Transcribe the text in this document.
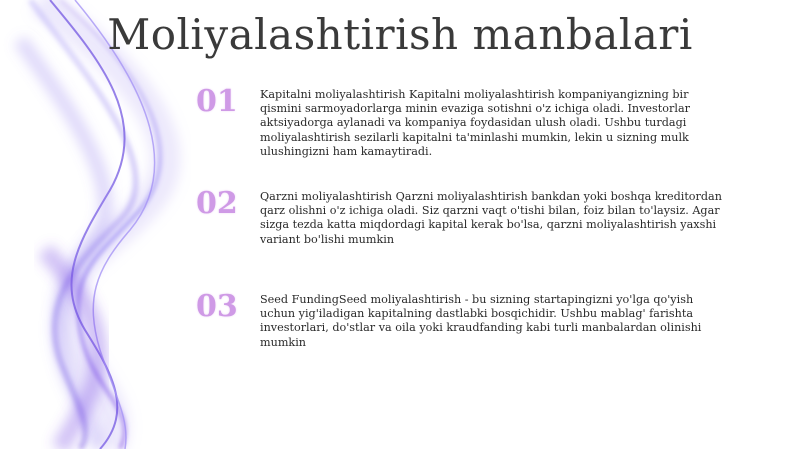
Moliyalashtirish manbalari
01	Kapitalni moliyalashtirish Kapitalni moliyalashtirish kompaniyangizning bir qismini sarmoyadorlarga minin evaziga sotishni o'z ichiga oladi. Investorlar aktsiyadorga aylanadi va kompaniya foydasidan ulush oladi. Ushbu turdagi moliyalashtirish sezilarli kapitalni ta'minlashi mumkin, lekin u sizning mulk ulushingizni ham kamaytiradi.
02	Qarzni moliyalashtirish Qarzni moliyalashtirish bankdan yoki boshqa kreditordan qarz olishni o'z ichiga oladi. Siz qarzni vaqt o'tishi bilan, foiz bilan to'laysiz. Agar sizga tezda katta miqdordagi kapital kerak bo'lsa, qarzni moliyalashtirish yaxshi variant bo'lishi mumkin
03	Seed FundingSeed moliyalashtirish - bu sizning startapingizni yo'lga qo'yish uchun yig'iladigan kapitalning dastlabki bosqichidir. Ushbu mablag' farishta investorlari, do'stlar va oila yoki kraudfanding kabi turli manbalardan olinishi mumkin
